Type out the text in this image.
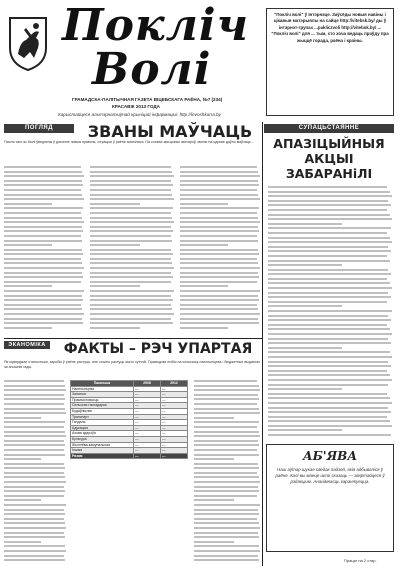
Поклiч
Волi
ГРАМАДСКА-ПАЛIТЫЧНАЯ ГАЗЕТА ВIЦЕБСКАГА РАЁНА, №7 (234)
КРАСАВIК 2013 ГОДА
Карыстайцеся альтэрнатыўнай крынiцай iнфармацыi: http://levoshkarra.by
"Поклiч волi" ў Iнтэрнэце. Заўсёды новыя навіны і цікавыя матэрыялы на сайце http://vitebsk.by/ ды ў інтэрнэт-групах ...pakliczvoli http://vitebsk.by/ ... "Поклiч волi" для ... тым, хто хоча ведаць праўду пра жыццё горада, раёна і краіны.
ПОГЛЯД ЗНАДВОРКУ
СУПАЦЬСТАЯННЕ
ЗВАНЫ МАЎЧАЦЬ
Пасля таго як былі ўведзены ў дзеянне новыя правілы, сітуацыя ў раёне змянілася. Па словах мясцовых жыхароў, звоны на царкве даўно маўчаць...	АПАЗIЦЫЙНЫЯ АКЦЫI ЗАБАРАНiЛI
ЭКАНОМIКА	ФАКТЫ – РЭЧ УПАРТАЯ
Як сцвярджае статыстыка, заробкі ў раёне растуць, але кошты растуць яшчэ хутчэй. Прыводзім лічбы па колькасці насельніцтва і бюджэтных выдатках за апошнія гады.
Паказчык	2008	2012
Насельніцтва	—	—
Занятыя	—	—
Прамысловасць	—	—
Сельская гаспадарка	—	—
Будаўніцтва	—	—
Транспарт	—	—
Гандаль	—	—
Адукацыя	—	—
Ахова здароўя	—	—
Культура	—	—
Жыллёва-камунальная	—	—
Іншыя	—	—
Разам	—	—	АБ'ЯВА
Наш аўтар шукае сведак падзей, якія адбываліся ў раёне. Калі вы маеце што сказаць — звяртайцеся ў рэдакцыю. Ананімнасць гарантуецца.
Працяг на 2 стар.
